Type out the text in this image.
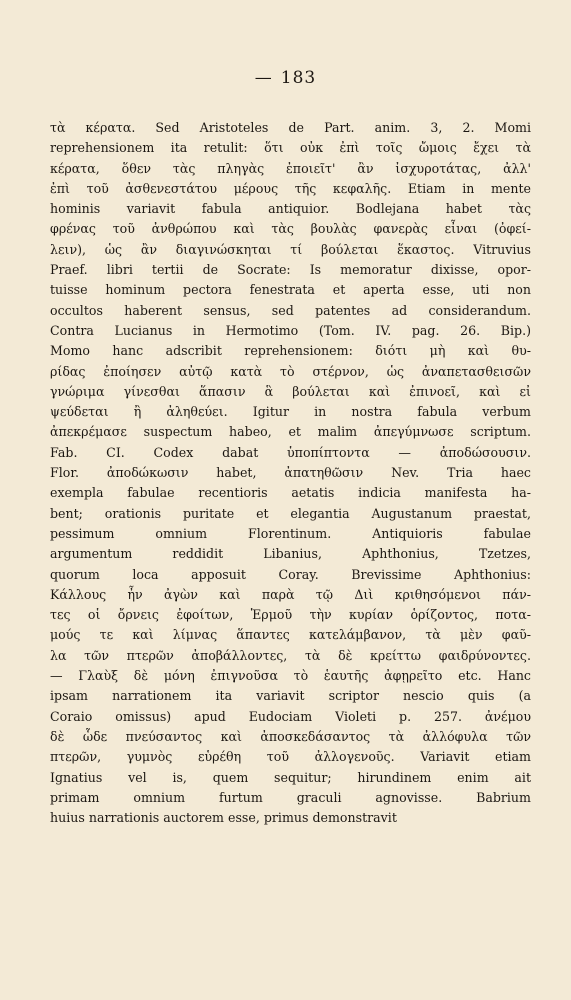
— 183
τὰ κέρατα. Sed Aristoteles de Part. anim. 3, 2. Momi
reprehensionem ita retulit: ὅτι οὐκ ἐπὶ τοῖς ὤμοις ἔχει τὰ
κέρατα, ὅθεν τὰς πληγὰς ἐποιεῖτ' ἂν ἰσχυροτάτας, ἀλλ'
ἐπὶ τοῦ ἀσθενεστάτου μέρους τῆς κεφαλῆς. Etiam in mente
hominis variavit fabula antiquior. Bodlejana habet τὰς
φρένας τοῦ ἀνθρώπου καὶ τὰς βουλὰς φανερὰς εἶναι (ὀφεί-
λειν), ὡς ἂν διαγινώσκηται τί βούλεται ἕκαστος. Vitruvius
Praef. libri tertii de Socrate: Is memoratur dixisse, opor-
tuisse hominum pectora fenestrata et aperta esse, uti non
occultos haberent sensus, sed patentes ad considerandum.
Contra Lucianus in Hermotimo (Tom. IV. pag. 26. Bip.)
Momo hanc adscribit reprehensionem: διότι μὴ καὶ θυ-
ρίδας ἐποίησεν αὐτῷ κατὰ τὸ στέρνον, ὡς ἀναπετασθεισῶν
γνώριμα γίνεσθαι ἅπασιν ἃ βούλεται καὶ ἐπινοεῖ, καὶ εἰ
ψεύδεται ἢ ἀληθεύει. Igitur in nostra fabula verbum
ἀπεκρέμασε suspectum habeo, et malim ἀπεγύμνωσε scriptum.
Fab. CI. Codex dabat ὑποπίπτοντα — ἀποδώσουσιν.
Flor. ἀποδώκωσιν habet, ἀπατηθῶσιν Nev. Tria haec
exempla fabulae recentioris aetatis indicia manifesta ha-
bent; orationis puritate et elegantia Augustanum praestat,
pessimum omnium Florentinum. Antiquioris fabulae
argumentum reddidit Libanius, Aphthonius, Tzetzes,
quorum loca apposuit Coray. Brevissime Aphthonius:
Κάλλους ἦν ἀγὼν καὶ παρὰ τῷ Διὶ κριθησόμενοι πάν-
τες οἱ ὄρνεις ἐφοίτων, Ἑρμοῦ τὴν κυρίαν ὁρίζοντος, ποτα-
μούς τε καὶ λίμνας ἅπαντες κατελάμβανον, τὰ μὲν φαῦ-
λα τῶν πτερῶν ἀποβάλλοντες, τὰ δὲ κρείττω φαιδρύνοντες.
— Γλαὺξ δὲ μόνη ἐπιγνοῦσα τὸ ἑαυτῆς ἀφῃρεῖτο etc. Hanc
ipsam narrationem ita variavit scriptor nescio quis (a
Coraio omissus) apud Eudociam Violeti p. 257. ἀνέμου
δὲ ὧδε πνεύσαντος καὶ ἀποσκεδάσαντος τὰ ἀλλόφυλα τῶν
πτερῶν, γυμνὸς εὑρέθη τοῦ ἀλλογενοῦς. Variavit etiam
Ignatius vel is, quem sequitur; hirundinem enim ait
primam omnium furtum graculi agnovisse. Babrium
huius narrationis auctorem esse, primus demonstravit
